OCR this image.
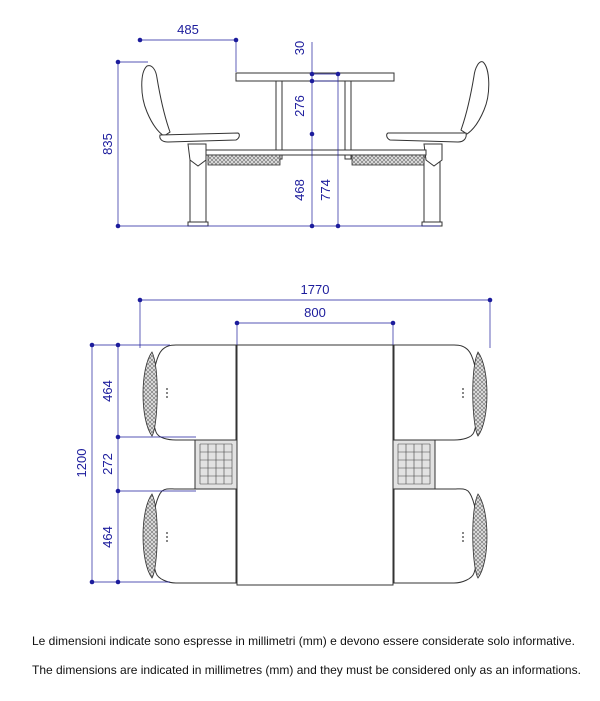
485
835
30
276
468 774
1770
800
1200
464
272
464
Le dimensioni indicate sono espresse in millimetri (mm) e devono essere considerate solo informative.
The dimensions are indicated in millimetres (mm) and they must be considered only as an informations.
